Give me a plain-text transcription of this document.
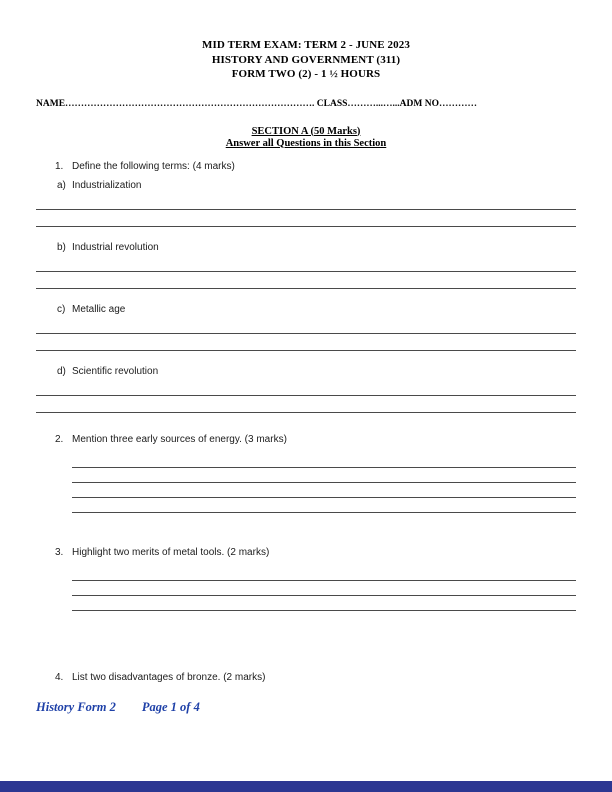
MID TERM EXAM: TERM 2 - JUNE 2023
HISTORY AND GOVERNMENT (311)
FORM TWO (2) - 1 ½ HOURS
NAME……………………………………………………………………. CLASS………...…...ADM NO…………
SECTION A (50 Marks)
Answer all Questions in this Section
1. Define the following terms: (4 marks)
a) Industrialization
b) Industrial revolution
c) Metallic age
d) Scientific revolution
2. Mention three early sources of energy. (3 marks)
3. Highlight two merits of metal tools. (2 marks)
4. List two disadvantages of bronze. (2 marks)
History Form 2 Page 1 of 4
